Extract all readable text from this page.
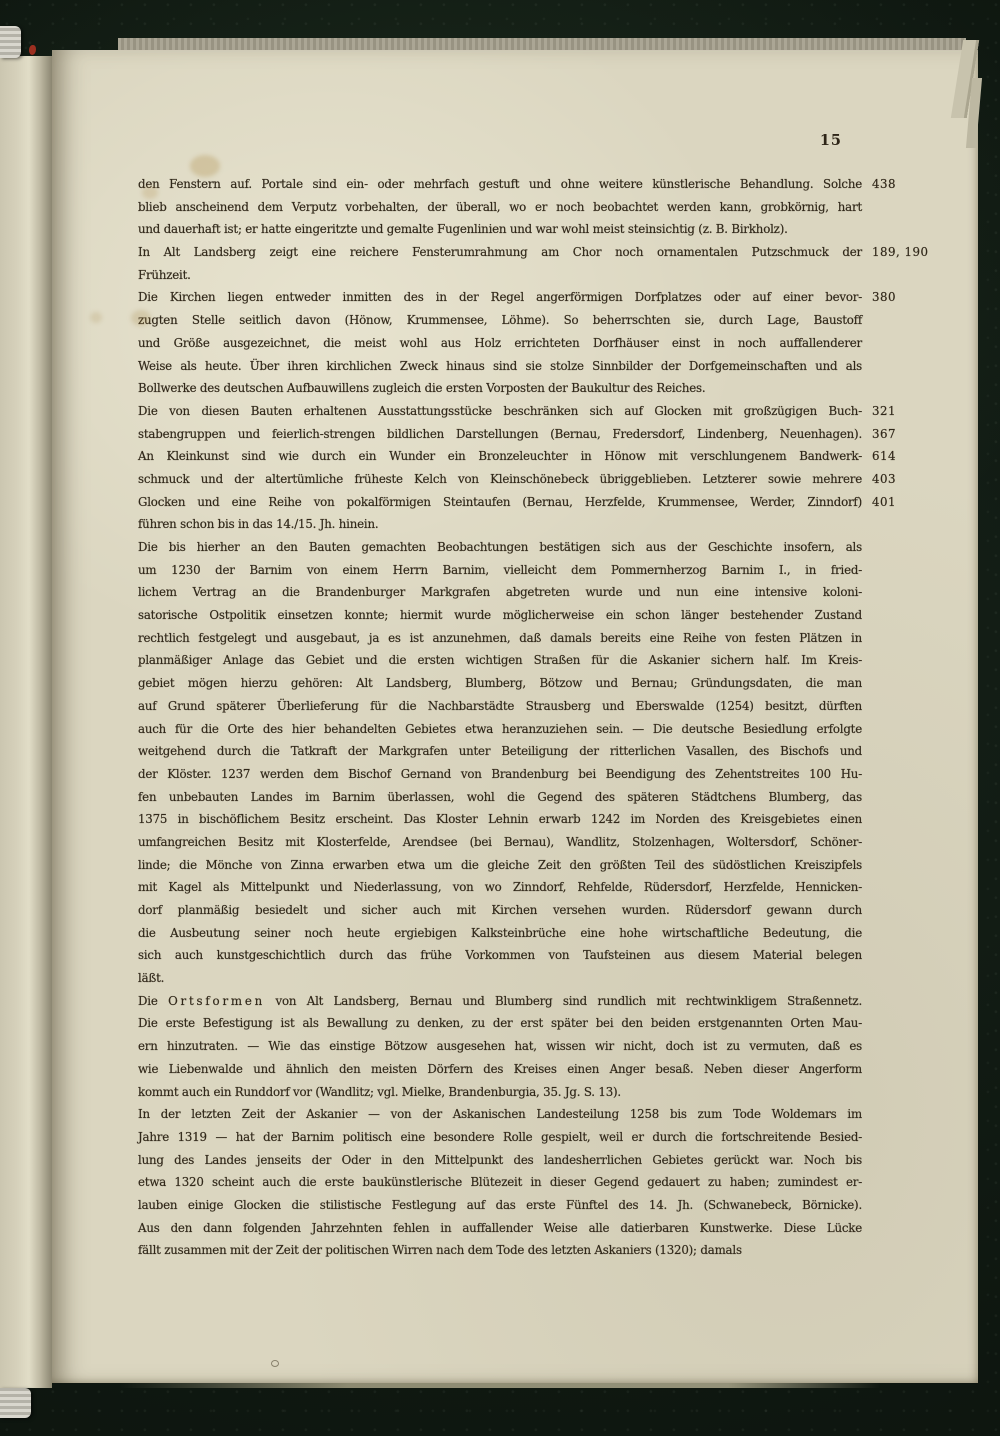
15
den Fenstern auf. Portale sind ein- oder mehrfach gestuft und ohne weitere künstlerische Behandlung. Solche 438
blieb anscheinend dem Verputz vorbehalten, der überall, wo er noch beobachtet werden kann, grobkörnig, hart
und dauerhaft ist; er hatte eingeritzte und gemalte Fugenlinien und war wohl meist steinsichtig (z. B. Birkholz).
In Alt Landsberg zeigt eine reichere Fensterumrahmung am Chor noch ornamentalen Putzschmuck der 189, 190
Frühzeit.
Die Kirchen liegen entweder inmitten des in der Regel angerförmigen Dorfplatzes oder auf einer bevor- 380
zugten Stelle seitlich davon (Hönow, Krummensee, Löhme). So beherrschten sie, durch Lage, Baustoff
und Größe ausgezeichnet, die meist wohl aus Holz errichteten Dorfhäuser einst in noch auffallenderer
Weise als heute. Über ihren kirchlichen Zweck hinaus sind sie stolze Sinnbilder der Dorfgemeinschaften und als
Bollwerke des deutschen Aufbauwillens zugleich die ersten Vorposten der Baukultur des Reiches.
Die von diesen Bauten erhaltenen Ausstattungsstücke beschränken sich auf Glocken mit großzügigen Buch- 321
stabengruppen und feierlich-strengen bildlichen Darstellungen (Bernau, Fredersdorf, Lindenberg, Neuenhagen). 367
An Kleinkunst sind wie durch ein Wunder ein Bronzeleuchter in Hönow mit verschlungenem Bandwerk- 614
schmuck und der altertümliche früheste Kelch von Kleinschönebeck übriggeblieben. Letzterer sowie mehrere 403
Glocken und eine Reihe von pokalförmigen Steintaufen (Bernau, Herzfelde, Krummensee, Werder, Zinndorf) 401
führen schon bis in das 14./15. Jh. hinein.
Die bis hierher an den Bauten gemachten Beobachtungen bestätigen sich aus der Geschichte insofern, als
um 1230 der Barnim von einem Herrn Barnim, vielleicht dem Pommernherzog Barnim I., in fried-
lichem Vertrag an die Brandenburger Markgrafen abgetreten wurde und nun eine intensive koloni-
satorische Ostpolitik einsetzen konnte; hiermit wurde möglicherweise ein schon länger bestehender Zustand
rechtlich festgelegt und ausgebaut, ja es ist anzunehmen, daß damals bereits eine Reihe von festen Plätzen in
planmäßiger Anlage das Gebiet und die ersten wichtigen Straßen für die Askanier sichern half. Im Kreis-
gebiet mögen hierzu gehören: Alt Landsberg, Blumberg, Bötzow und Bernau; Gründungsdaten, die man
auf Grund späterer Überlieferung für die Nachbarstädte Strausberg und Eberswalde (1254) besitzt, dürften
auch für die Orte des hier behandelten Gebietes etwa heranzuziehen sein. — Die deutsche Besiedlung erfolgte
weitgehend durch die Tatkraft der Markgrafen unter Beteiligung der ritterlichen Vasallen, des Bischofs und
der Klöster. 1237 werden dem Bischof Gernand von Brandenburg bei Beendigung des Zehentstreites 100 Hu-
fen unbebauten Landes im Barnim überlassen, wohl die Gegend des späteren Städtchens Blumberg, das
1375 in bischöflichem Besitz erscheint. Das Kloster Lehnin erwarb 1242 im Norden des Kreisgebietes einen
umfangreichen Besitz mit Klosterfelde, Arendsee (bei Bernau), Wandlitz, Stolzenhagen, Woltersdorf, Schöner-
linde; die Mönche von Zinna erwarben etwa um die gleiche Zeit den größten Teil des südöstlichen Kreiszipfels
mit Kagel als Mittelpunkt und Niederlassung, von wo Zinndorf, Rehfelde, Rüdersdorf, Herzfelde, Hennicken-
dorf planmäßig besiedelt und sicher auch mit Kirchen versehen wurden. Rüdersdorf gewann durch
die Ausbeutung seiner noch heute ergiebigen Kalksteinbrüche eine hohe wirtschaftliche Bedeutung, die
sich auch kunstgeschichtlich durch das frühe Vorkommen von Taufsteinen aus diesem Material belegen
läßt.
Die Ortsformen von Alt Landsberg, Bernau und Blumberg sind rundlich mit rechtwinkligem Straßennetz.
Die erste Befestigung ist als Bewallung zu denken, zu der erst später bei den beiden erstgenannten Orten Mau-
ern hinzutraten. — Wie das einstige Bötzow ausgesehen hat, wissen wir nicht, doch ist zu vermuten, daß es
wie Liebenwalde und ähnlich den meisten Dörfern des Kreises einen Anger besaß. Neben dieser Angerform
kommt auch ein Runddorf vor (Wandlitz; vgl. Mielke, Brandenburgia, 35. Jg. S. 13).
In der letzten Zeit der Askanier — von der Askanischen Landesteilung 1258 bis zum Tode Woldemars im
Jahre 1319 — hat der Barnim politisch eine besondere Rolle gespielt, weil er durch die fortschreitende Besied-
lung des Landes jenseits der Oder in den Mittelpunkt des landesherrlichen Gebietes gerückt war. Noch bis
etwa 1320 scheint auch die erste baukünstlerische Blütezeit in dieser Gegend gedauert zu haben; zumindest er-
lauben einige Glocken die stilistische Festlegung auf das erste Fünftel des 14. Jh. (Schwanebeck, Börnicke).
Aus den dann folgenden Jahrzehnten fehlen in auffallender Weise alle datierbaren Kunstwerke. Diese Lücke
fällt zusammen mit der Zeit der politischen Wirren nach dem Tode des letzten Askaniers (1320); damals
